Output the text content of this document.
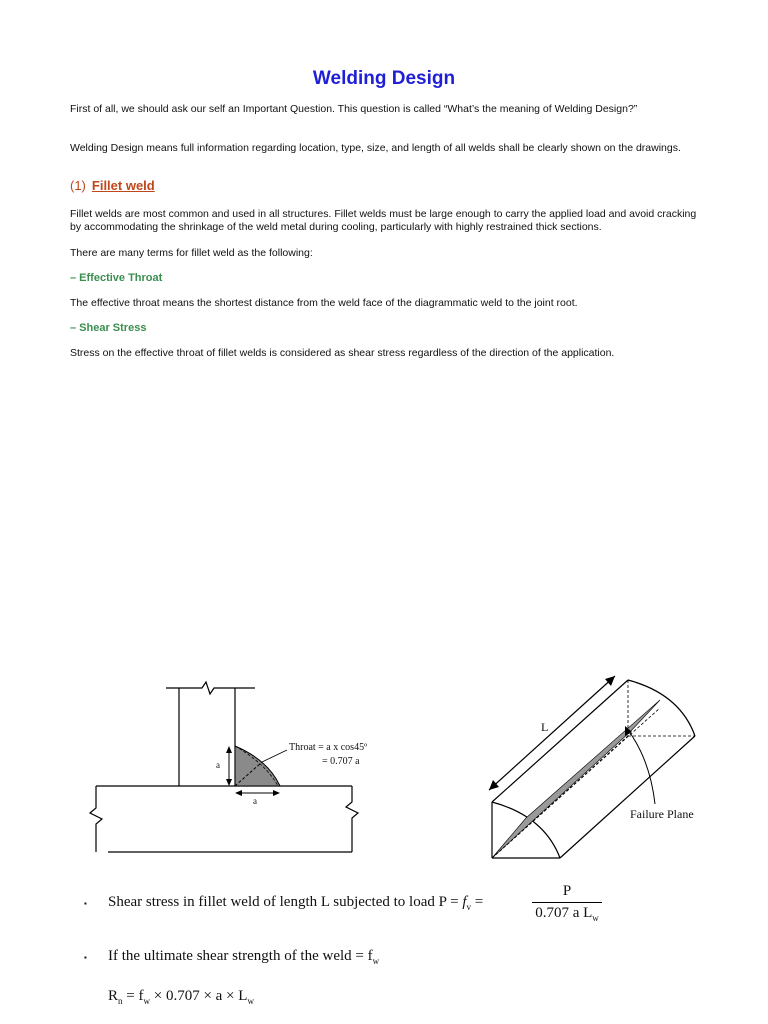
Welding Design
First of all, we should ask our self an Important Question. This question is called “What’s the meaning of Welding Design?”
Welding Design means full information regarding location, type, size, and length of all welds shall be clearly shown on the drawings.
(1) Fillet weld
Fillet welds are most common and used in all structures. Fillet welds must be large enough to carry the applied load and avoid cracking by accommodating the shrinkage of the weld metal during cooling, particularly with highly restrained thick sections.
There are many terms for fillet weld as the following:
– Effective Throat
The effective throat means the shortest distance from the weld face of the diagrammatic weld to the joint root.
– Shear Stress
Stress on the effective throat of fillet welds is considered as shear stress regardless of the direction of the application.
Throat = a x cos45º
= 0.707 a
a
a
L
Failure Plane
▪ Shear stress in fillet weld of length L subjected to load $P = f_v$ =
P
0.707 a $L_w$
▪ If the ultimate shear strength of the weld = $f_w$
$R_n = f_w \times 0.707 \times a \times L_w$
